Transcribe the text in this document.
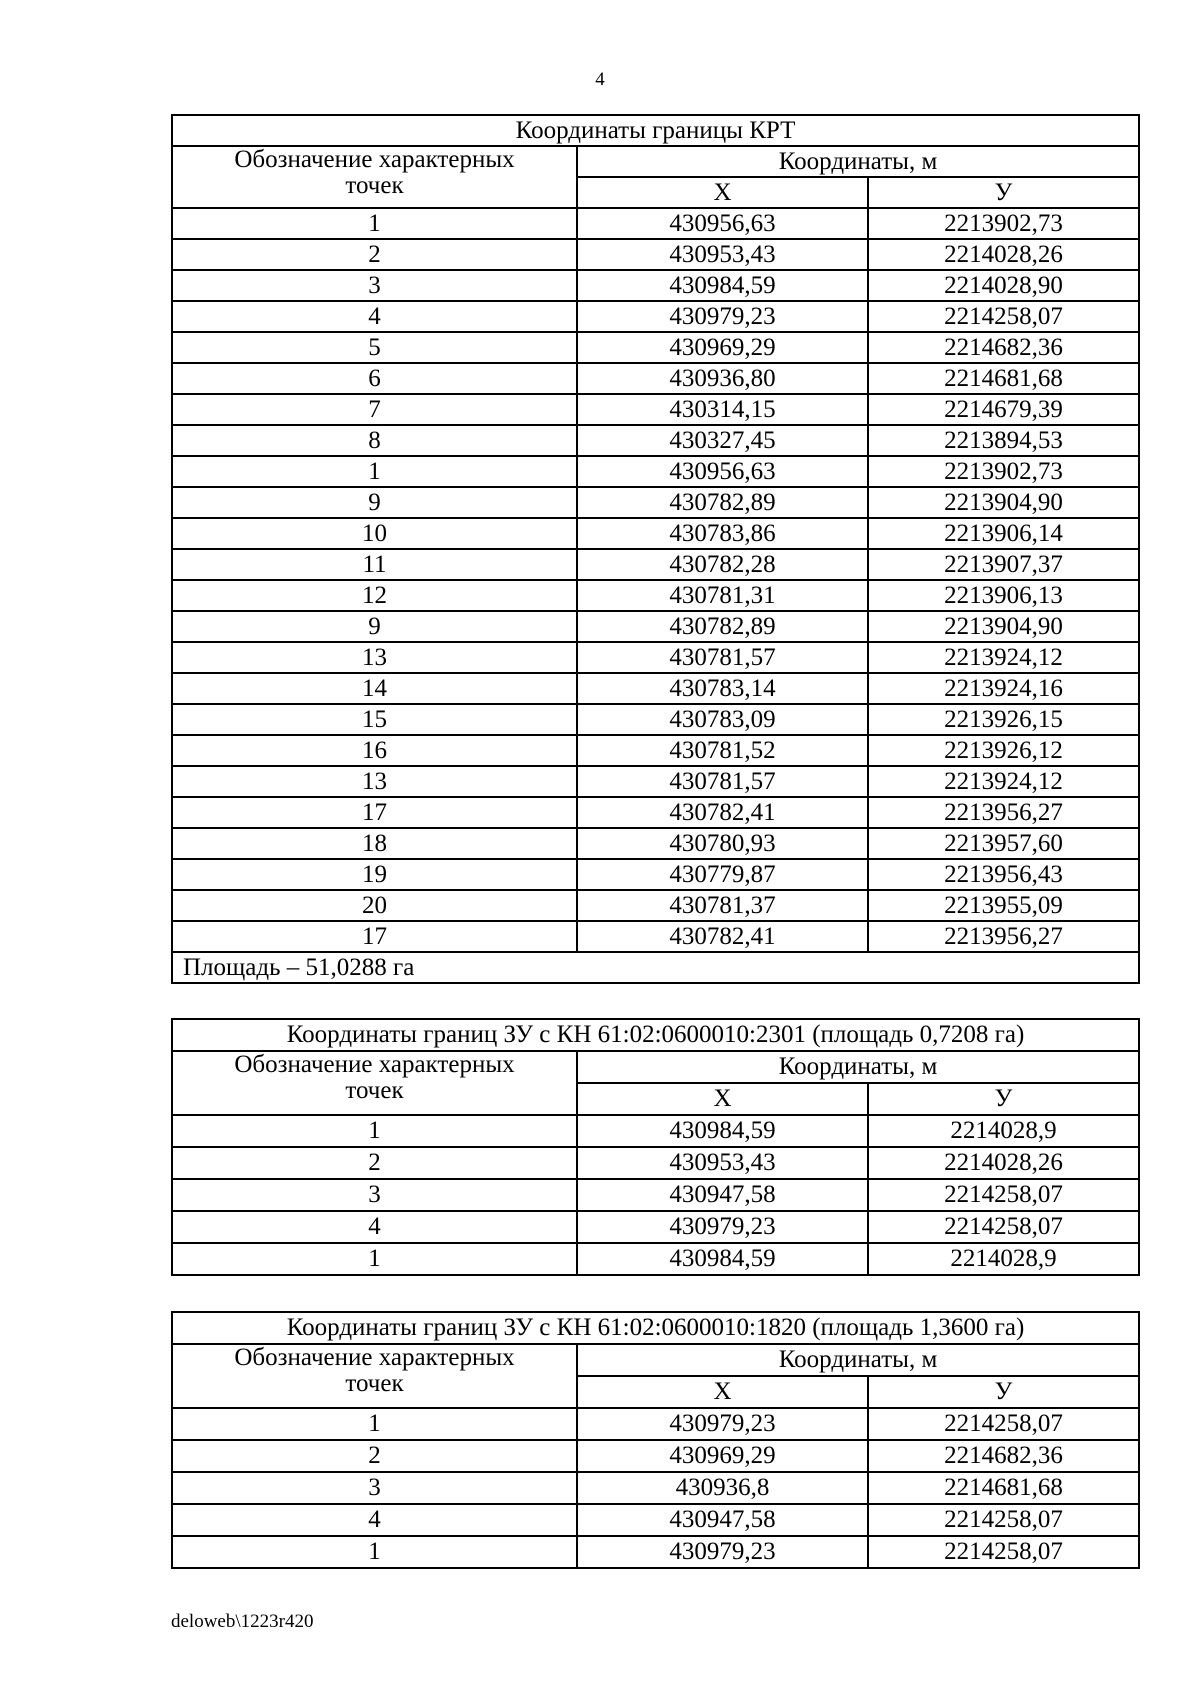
4
Координаты границы КРТ		

Обозначение характерных
точек	Координаты, м	
	Х	У
1	430956,63	2213902,73
2	430953,43	2214028,26
3	430984,59	2214028,90
4	430979,23	2214258,07
5	430969,29	2214682,36
6	430936,80	2214681,68
7	430314,15	2214679,39
8	430327,45	2213894,53
1	430956,63	2213902,73
9	430782,89	2213904,90
10	430783,86	2213906,14
11	430782,28	2213907,37
12	430781,31	2213906,13
9	430782,89	2213904,90
13	430781,57	2213924,12
14	430783,14	2213924,16
15	430783,09	2213926,15
16	430781,52	2213926,12
13	430781,57	2213924,12
17	430782,41	2213956,27
18	430780,93	2213957,60
19	430779,87	2213956,43
20	430781,37	2213955,09
17	430782,41	2213956,27
Площадь – 51,0288 га		
Координаты границ ЗУ с КН 61:02:0600010:2301 (площадь 0,7208 га)		

Обозначение характерных
точек	Координаты, м	
	Х	У
1	430984,59	2214028,9
2	430953,43	2214028,26
3	430947,58	2214258,07
4	430979,23	2214258,07
1	430984,59	2214028,9
Координаты границ ЗУ с КН 61:02:0600010:1820 (площадь 1,3600 га)		

Обозначение характерных
точек	Координаты, м	
	Х	У
1	430979,23	2214258,07
2	430969,29	2214682,36
3	430936,8	2214681,68
4	430947,58	2214258,07
1	430979,23	2214258,07
deloweb\1223r420
